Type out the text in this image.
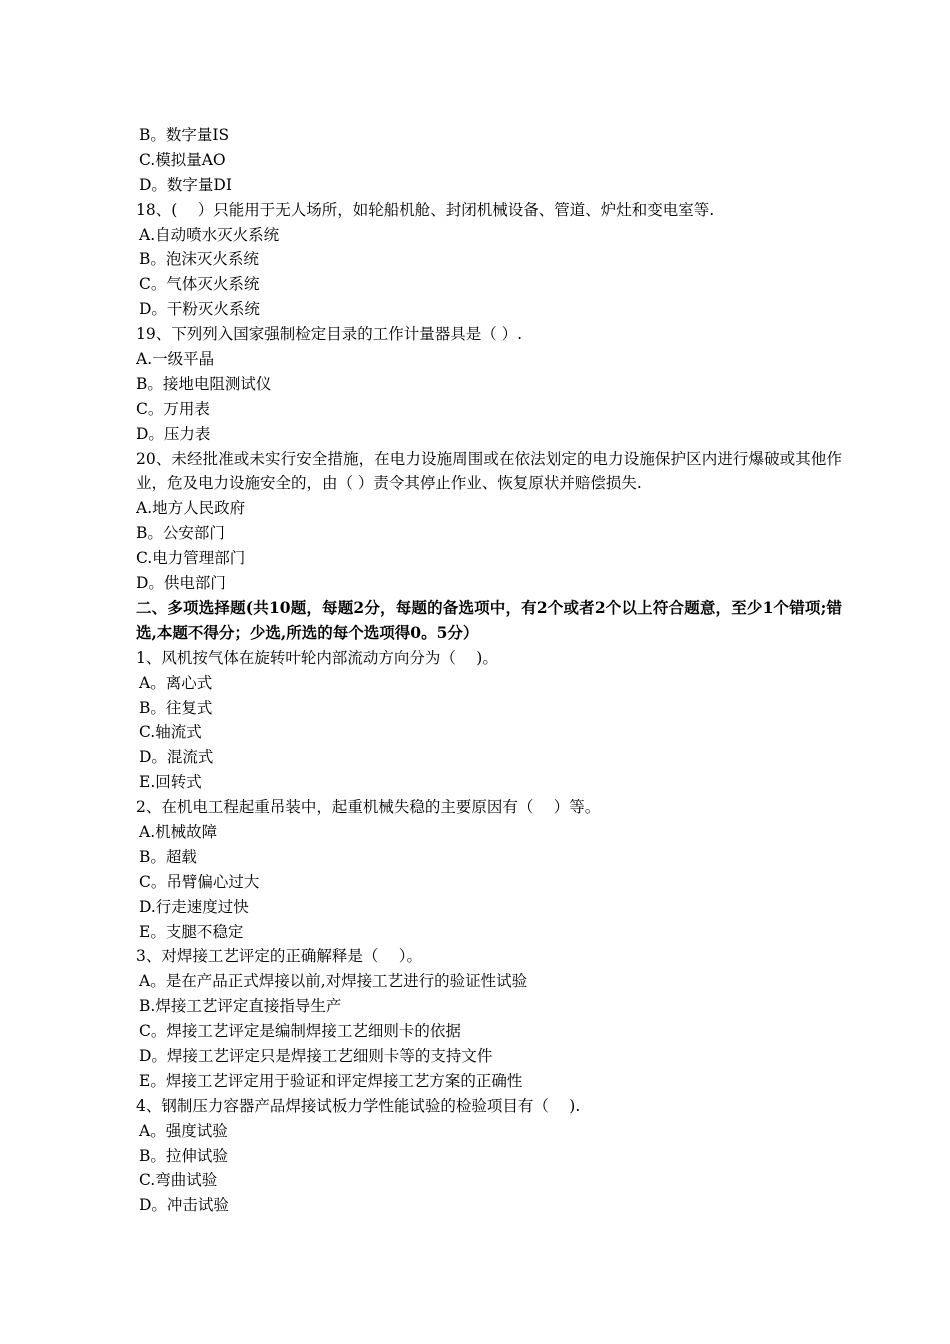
B。数字量IS
C.模拟量AO
D。数字量DI
18、(　 ）只能用于无人场所，如轮船机舱、封闭机械设备、管道、炉灶和变电室等.
A.自动喷水灭火系统
B。泡沫灭火系统
C。气体灭火系统
D。干粉灭火系统
19、下列列入国家强制检定目录的工作计量器具是（ ）.
A.一级平晶
B。接地电阻测试仪
C。万用表
D。压力表
20、未经批准或未实行安全措施，在电力设施周围或在依法划定的电力设施保护区内进行爆破或其他作业，危及电力设施安全的，由（ ）责令其停止作业、恢复原状并赔偿损失.
A.地方人民政府
B。公安部门
C.电力管理部门
D。供电部门
二、多项选择题(共10题，每题2分，每题的备选项中，有2个或者2个以上符合题意，至少1个错项;错选,本题不得分；少选,所选的每个选项得0。5分）
1、风机按气体在旋转叶轮内部流动方向分为（　 )。
A。离心式
B。往复式
C.轴流式
D。混流式
E.回转式
2、在机电工程起重吊装中，起重机械失稳的主要原因有（　 ）等。
A.机械故障
B。超载
C。吊臂偏心过大
D.行走速度过快
E。支腿不稳定
3、对焊接工艺评定的正确解释是（　 ）。
A。是在产品正式焊接以前,对焊接工艺进行的验证性试验
B.焊接工艺评定直接指导生产
C。焊接工艺评定是编制焊接工艺细则卡的依据
D。焊接工艺评定只是焊接工艺细则卡等的支持文件
E。焊接工艺评定用于验证和评定焊接工艺方案的正确性
4、钢制压力容器产品焊接试板力学性能试验的检验项目有（　 ).
A。强度试验
B。拉伸试验
C.弯曲试验
D。冲击试验
